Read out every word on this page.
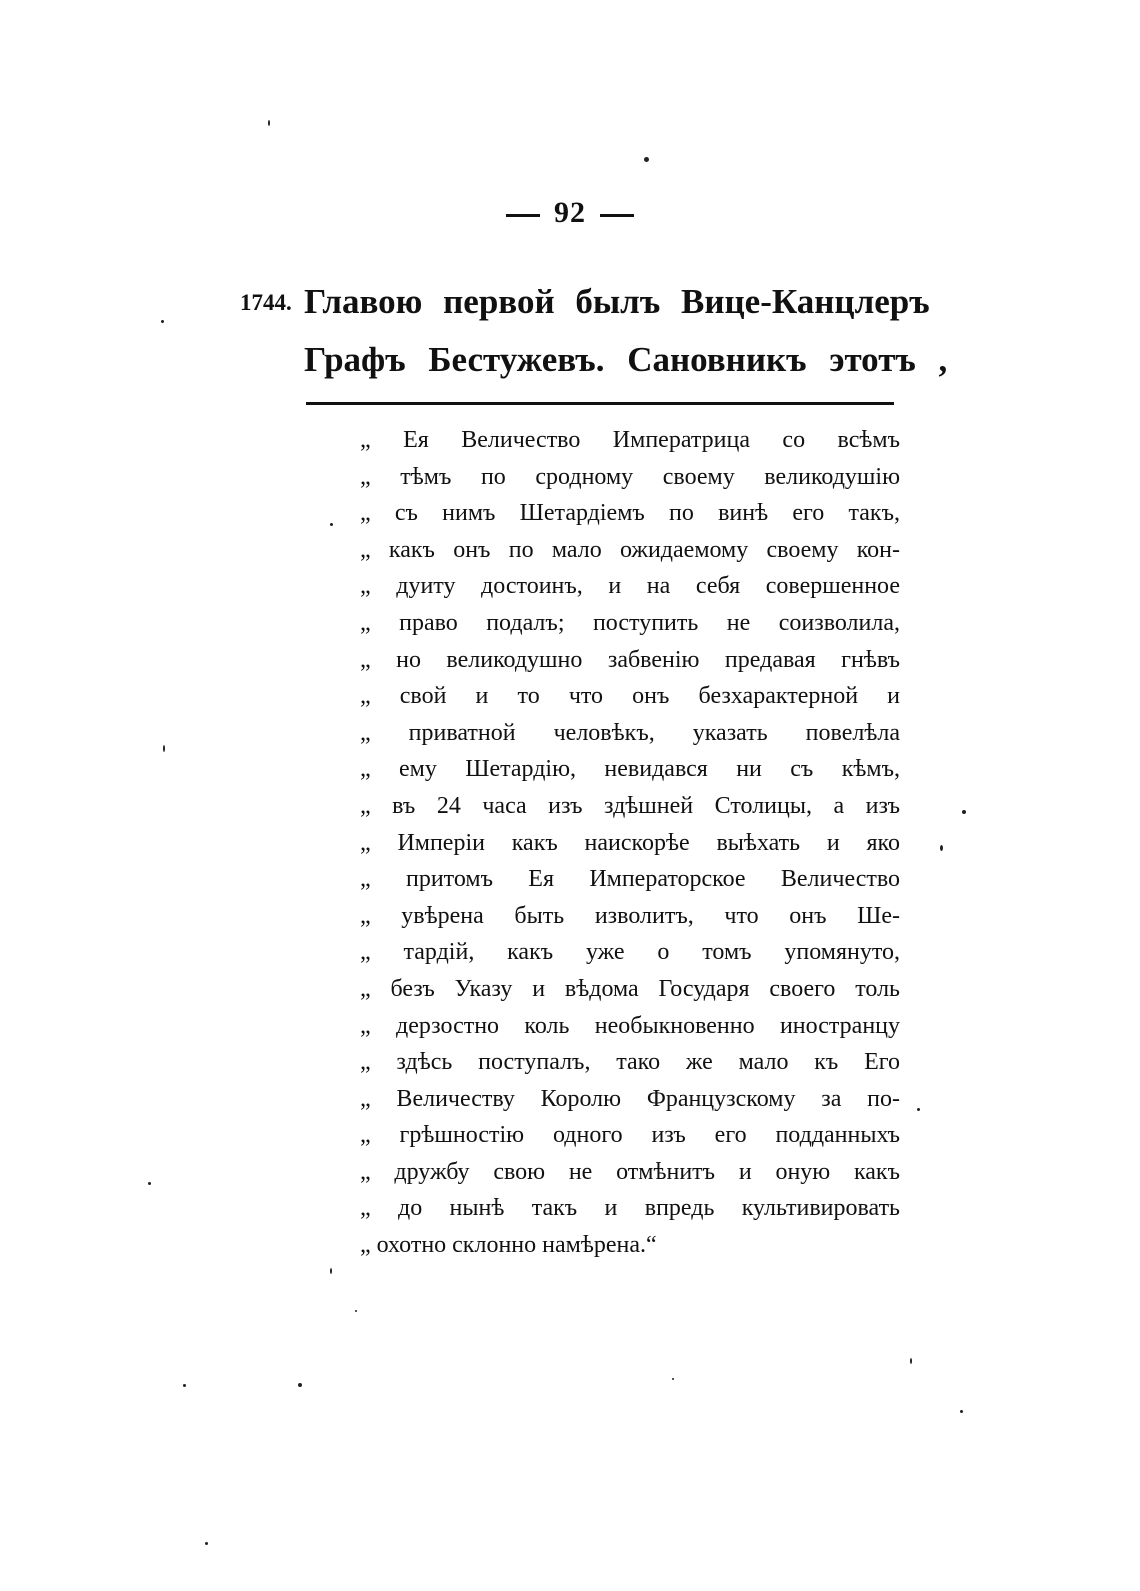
92
1744. Главою первой былъ Вице-Канцлеръ
Графъ Бестужевъ. Сановникъ этотъ ,
„ Ея Величество Императрица со всѣмъ
„ тѣмъ по сродному своему великодушію
„ съ нимъ Шетардіемъ по винѣ его такъ,
„ какъ онъ по мало ожидаемому своему кон-
„ дуиту достоинъ, и на себя совершенное
„ право подалъ; поступить не соизволила,
„ но великодушно забвенію предавая гнѣвъ
„ свой и то что онъ безхарактерной и
„ приватной человѣкъ, указать повелѣла
„ ему Шетардію, невидався ни съ кѣмъ,
„ въ 24 часа изъ здѣшней Столицы, а изъ
„ Имперіи какъ наискорѣе выѣхать и яко
„ притомъ Ея Императорское Величество
„ увѣрена быть изволитъ, что онъ Ше-
„ тардій, какъ уже о томъ упомянуто,
„ безъ Указу и вѣдома Государя своего толь
„ дерзостно коль необыкновенно иностранцу
„ здѣсь поступалъ, тако же мало къ Его
„ Величеству Королю Французскому за по-
„ грѣшностію одного изъ его подданныхъ
„ дружбу свою не отмѣнитъ и оную какъ
„ до нынѣ такъ и впредь культивировать
„ охотно склонно намѣрена.“
